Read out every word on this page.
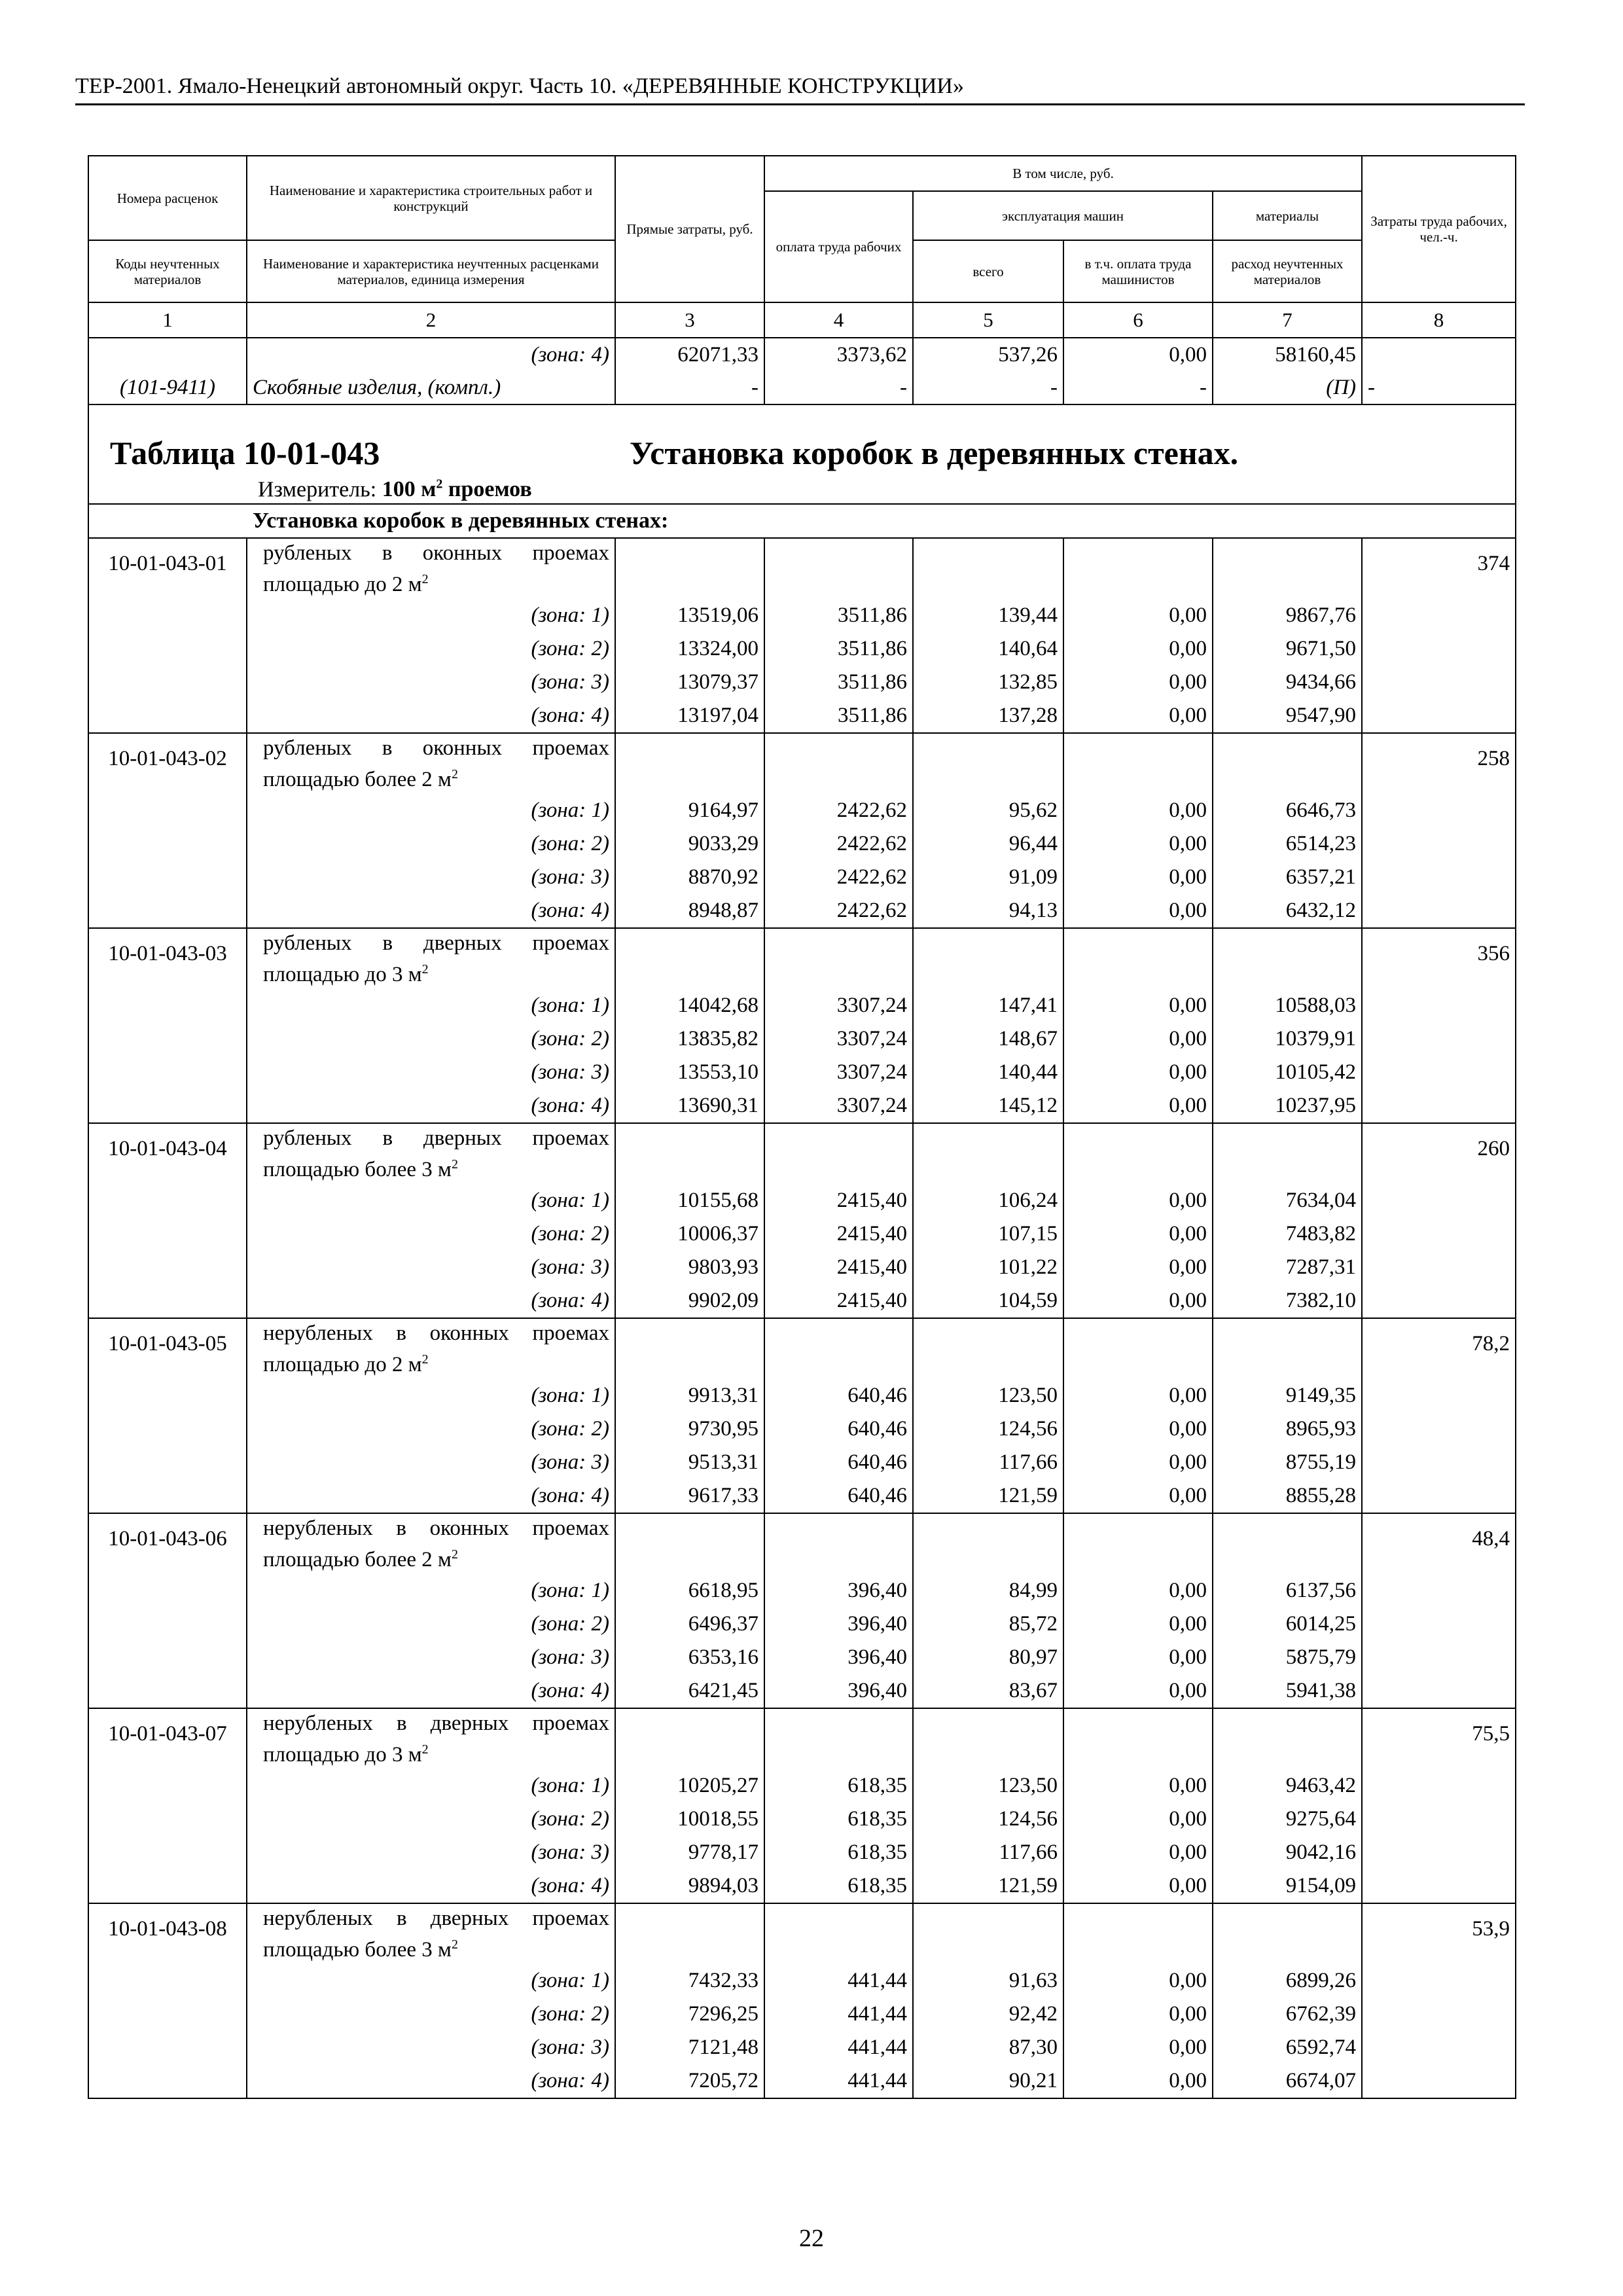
ТЕР-2001. Ямало-Ненецкий автономный округ. Часть 10. «ДЕРЕВЯННЫЕ КОНСТРУКЦИИ»
Номера расценок	Наименование и характеристика строительных работ и конструкций	Прямые затраты, руб.	В том числе, руб.				Затраты труда рабочих, чел.-ч.
			оплата труда рабочих	эксплуатация машин		материалы	
Коды неучтенных материалов	Наименование и характеристика неучтенных расценками материалов, единица измерения			всего	в т.ч. оплата труда машинистов	расход неучтенных материалов	
1	2	3	4	5	6	7	8
	(зона: 4)	62071,33	3373,62	537,26	0,00	58160,45	
(101-9411)	Скобяные изделия, (компл.)	-	-	-	-	(П)	-

Таблица 10-01-043 Установка коробок в деревянных стенах.
Измеритель: 100 $м^2$ проемов							

Установка коробок в деревянных стенах:							
10-01-043-01	рубленых в оконных проемах площадью до 2 $м^2$						374
	(зона: 1)	13519,06	3511,86	139,44	0,00	9867,76	
	(зона: 2)	13324,00	3511,86	140,64	0,00	9671,50	
	(зона: 3)	13079,37	3511,86	132,85	0,00	9434,66	
	(зона: 4)	13197,04	3511,86	137,28	0,00	9547,90	
10-01-043-02	рубленых в оконных проемах площадью более 2 $м^2$						258
	(зона: 1)	9164,97	2422,62	95,62	0,00	6646,73	
	(зона: 2)	9033,29	2422,62	96,44	0,00	6514,23	
	(зона: 3)	8870,92	2422,62	91,09	0,00	6357,21	
	(зона: 4)	8948,87	2422,62	94,13	0,00	6432,12	
10-01-043-03	рубленых в дверных проемах площадью до 3 $м^2$						356
	(зона: 1)	14042,68	3307,24	147,41	0,00	10588,03	
	(зона: 2)	13835,82	3307,24	148,67	0,00	10379,91	
	(зона: 3)	13553,10	3307,24	140,44	0,00	10105,42	
	(зона: 4)	13690,31	3307,24	145,12	0,00	10237,95	
10-01-043-04	рубленых в дверных проемах площадью более 3 $м^2$						260
	(зона: 1)	10155,68	2415,40	106,24	0,00	7634,04	
	(зона: 2)	10006,37	2415,40	107,15	0,00	7483,82	
	(зона: 3)	9803,93	2415,40	101,22	0,00	7287,31	
	(зона: 4)	9902,09	2415,40	104,59	0,00	7382,10	
10-01-043-05	нерубленых в оконных проемах площадью до 2 $м^2$						78,2
	(зона: 1)	9913,31	640,46	123,50	0,00	9149,35	
	(зона: 2)	9730,95	640,46	124,56	0,00	8965,93	
	(зона: 3)	9513,31	640,46	117,66	0,00	8755,19	
	(зона: 4)	9617,33	640,46	121,59	0,00	8855,28	
10-01-043-06	нерубленых в оконных проемах площадью более 2 $м^2$						48,4
	(зона: 1)	6618,95	396,40	84,99	0,00	6137,56	
	(зона: 2)	6496,37	396,40	85,72	0,00	6014,25	
	(зона: 3)	6353,16	396,40	80,97	0,00	5875,79	
	(зона: 4)	6421,45	396,40	83,67	0,00	5941,38	
10-01-043-07	нерубленых в дверных проемах площадью до 3 $м^2$						75,5
	(зона: 1)	10205,27	618,35	123,50	0,00	9463,42	
	(зона: 2)	10018,55	618,35	124,56	0,00	9275,64	
	(зона: 3)	9778,17	618,35	117,66	0,00	9042,16	
	(зона: 4)	9894,03	618,35	121,59	0,00	9154,09	
10-01-043-08	нерубленых в дверных проемах площадью более 3 $м^2$						53,9
	(зона: 1)	7432,33	441,44	91,63	0,00	6899,26	
	(зона: 2)	7296,25	441,44	92,42	0,00	6762,39	
	(зона: 3)	7121,48	441,44	87,30	0,00	6592,74	
	(зона: 4)	7205,72	441,44	90,21	0,00	6674,07	
22
